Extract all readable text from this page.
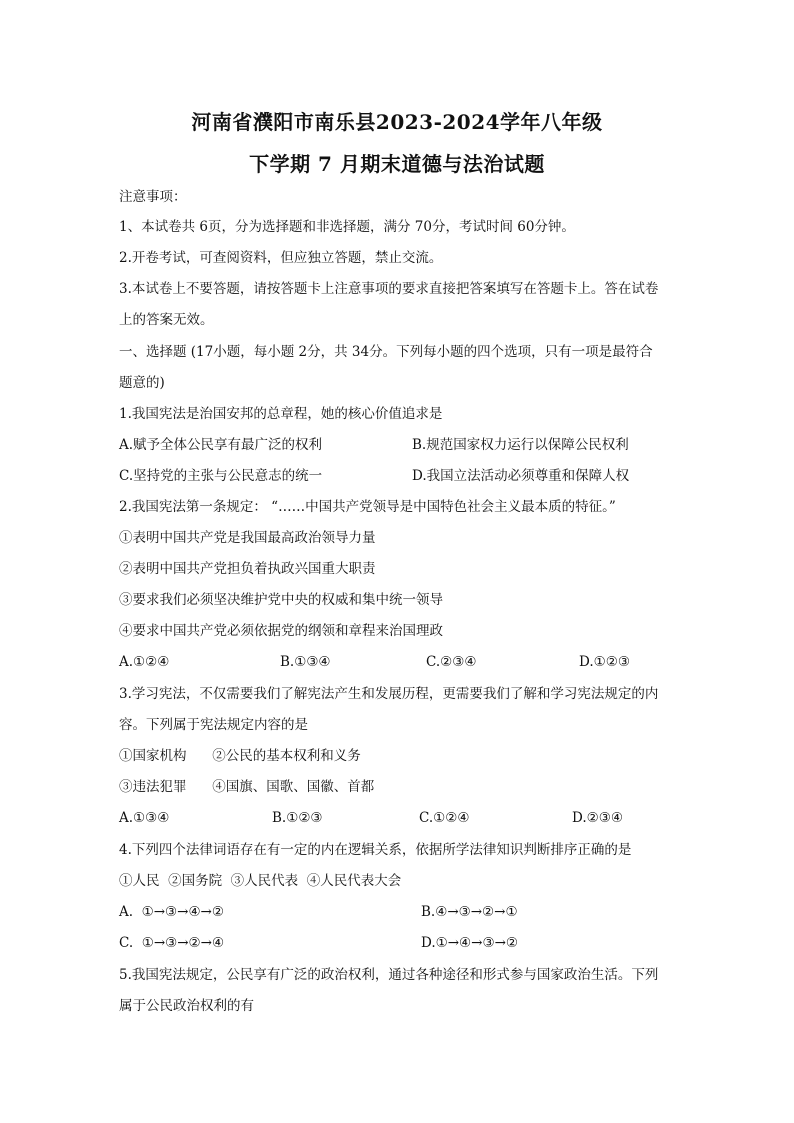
河南省濮阳市南乐县2023-2024学年八年级
下学期 7 月期末道德与法治试题
注意事项：
1、本试卷共 6页，分为选择题和非选择题，满分 70分，考试时间 60分钟。
2.开卷考试，可查阅资料，但应独立答题，禁止交流。
3.本试卷上不要答题，请按答题卡上注意事项的要求直接把答案填写在答题卡上。答在试卷
上的答案无效。
一、选择题 (17小题，每小题 2分，共 34分。下列每小题的四个选项，只有一项是最符合
题意的)
1.我国宪法是治国安邦的总章程，她的核心价值追求是
A.赋予全体公民享有最广泛的权利	B.规范国家权力运行以保障公民权利
C.坚持党的主张与公民意志的统一	D.我国立法活动必须尊重和保障人权
2.我国宪法第一条规定： “……中国共产党领导是中国特色社会主义最本质的特征。”
①表明中国共产党是我国最高政治领导力量
②表明中国共产党担负着执政兴国重大职责
③要求我们必须坚决维护党中央的权威和集中统一领导
④要求中国共产党必须依据党的纲领和章程来治国理政
A.①②④	B.①③④	C.②③④	D.①②③
3.学习宪法，不仅需要我们了解宪法产生和发展历程，更需要我们了解和学习宪法规定的内
容。下列属于宪法规定内容的是
①国家机构      ②公民的基本权利和义务
③违法犯罪      ④国旗、国歌、国徽、首都
A.①③④	B.①②③	C.①②④	D.②③④
4.下列四个法律词语存在有一定的内在逻辑关系，依据所学法律知识判断排序正确的是
①人民  ②国务院  ③人民代表  ④人民代表大会
A.  ①→③→④→②	B.④→③→②→①
C.  ①→③→②→④	D.①→④→③→②
5.我国宪法规定，公民享有广泛的政治权利，通过各种途径和形式参与国家政治生活。下列
属于公民政治权利的有
